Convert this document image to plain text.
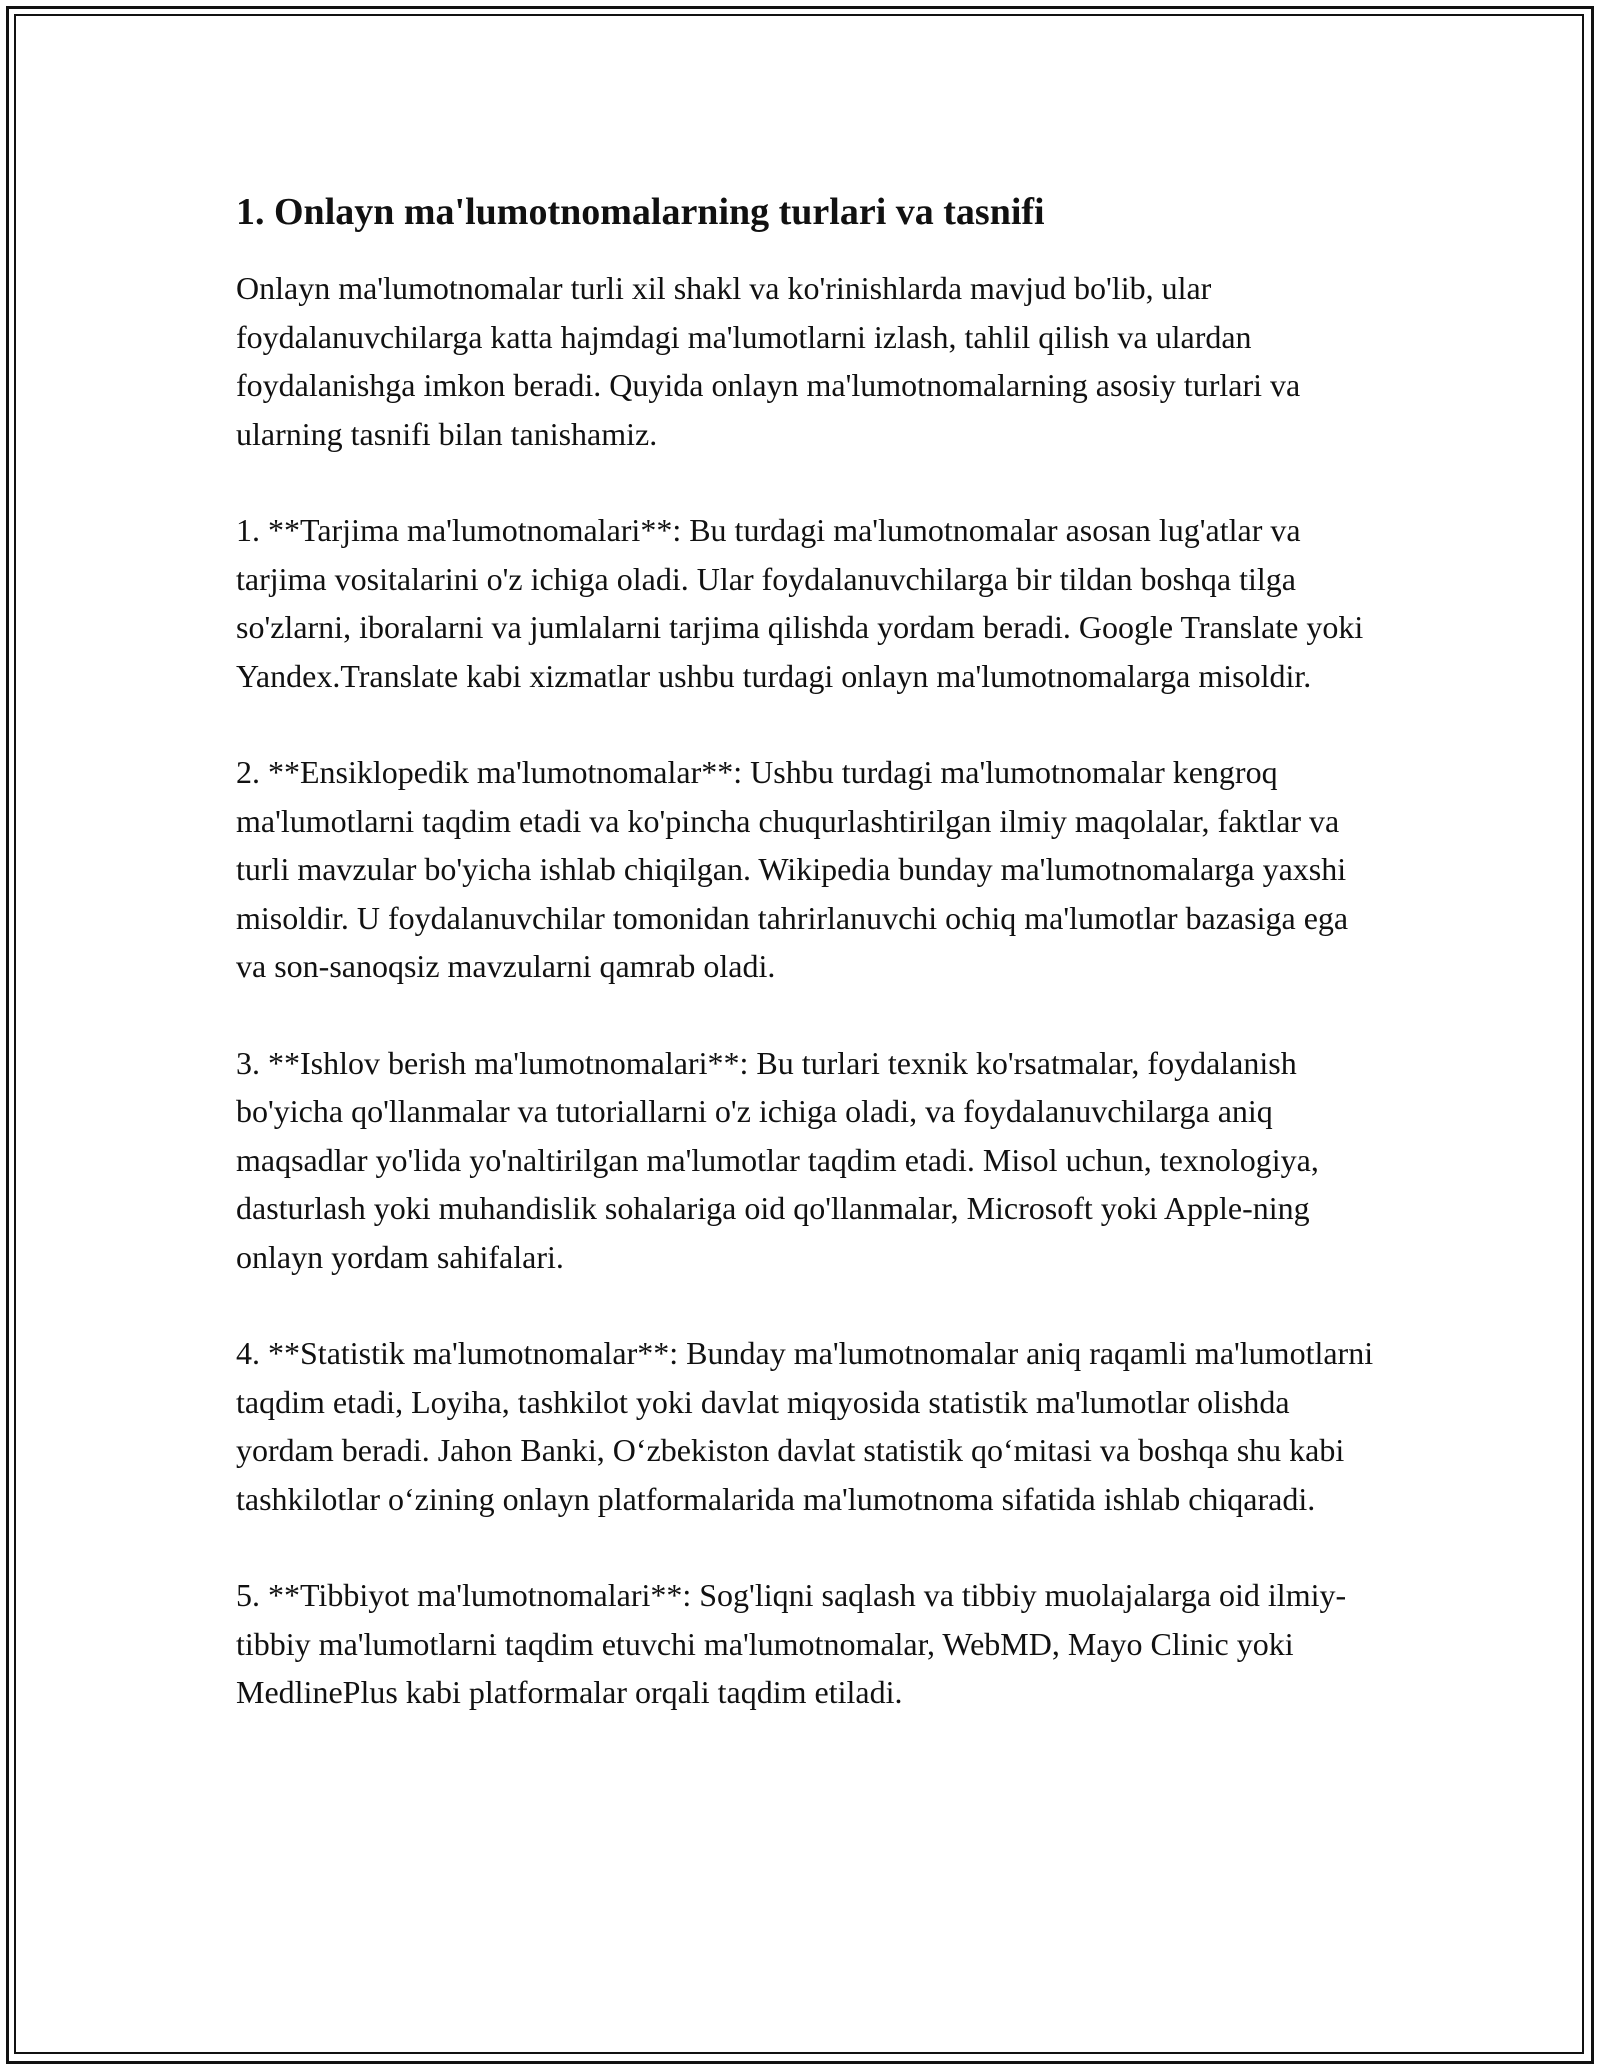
1. Onlayn ma'lumotnomalarning turlari va tasnifi

Onlayn ma'lumotnomalar turli xil shakl va ko'rinishlarda mavjud bo'lib, ular foydalanuvchilarga katta hajmdagi ma'lumotlarni izlash, tahlil qilish va ulardan foydalanishga imkon beradi. Quyida onlayn ma'lumotnomalarning asosiy turlari va ularning tasnifi bilan tanishamiz.

1. **Tarjima ma'lumotnomalari**: Bu turdagi ma'lumotnomalar asosan lug'atlar va tarjima vositalarini o'z ichiga oladi. Ular foydalanuvchilarga bir tildan boshqa tilga so'zlarni, iboralarni va jumlalarni tarjima qilishda yordam beradi. Google Translate yoki Yandex.Translate kabi xizmatlar ushbu turdagi onlayn ma'lumotnomalarga misoldir.

2. **Ensiklopedik ma'lumotnomalar**: Ushbu turdagi ma'lumotnomalar kengroq ma'lumotlarni taqdim etadi va ko'pincha chuqurlashtirilgan ilmiy maqolalar, faktlar va turli mavzular bo'yicha ishlab chiqilgan. Wikipedia bunday ma'lumotnomalarga yaxshi misoldir. U foydalanuvchilar tomonidan tahrirlanuvchi ochiq ma'lumotlar bazasiga ega va son-sanoqsiz mavzularni qamrab oladi.

3. **Ishlov berish ma'lumotnomalari**: Bu turlari texnik ko'rsatmalar, foydalanish bo'yicha qo'llanmalar va tutoriallarni o'z ichiga oladi, va foydalanuvchilarga aniq maqsadlar yo'lida yo'naltirilgan ma'lumotlar taqdim etadi. Misol uchun, texnologiya, dasturlash yoki muhandislik sohalariga oid qo'llanmalar, Microsoft yoki Apple-ning onlayn yordam sahifalari.

4. **Statistik ma'lumotnomalar**: Bunday ma'lumotnomalar aniq raqamli ma'lumotlarni taqdim etadi, Loyiha, tashkilot yoki davlat miqyosida statistik ma'lumotlar olishda yordam beradi. Jahon Banki, O‘zbekiston davlat statistik qo‘mitasi va boshqa shu kabi tashkilotlar o‘zining onlayn platformalarida ma'lumotnoma sifatida ishlab chiqaradi.

5. **Tibbiyot ma'lumotnomalari**: Sog'liqni saqlash va tibbiy muolajalarga oid ilmiy-tibbiy ma'lumotlarni taqdim etuvchi ma'lumotnomalar, WebMD, Mayo Clinic yoki MedlinePlus kabi platformalar orqali taqdim etiladi.
